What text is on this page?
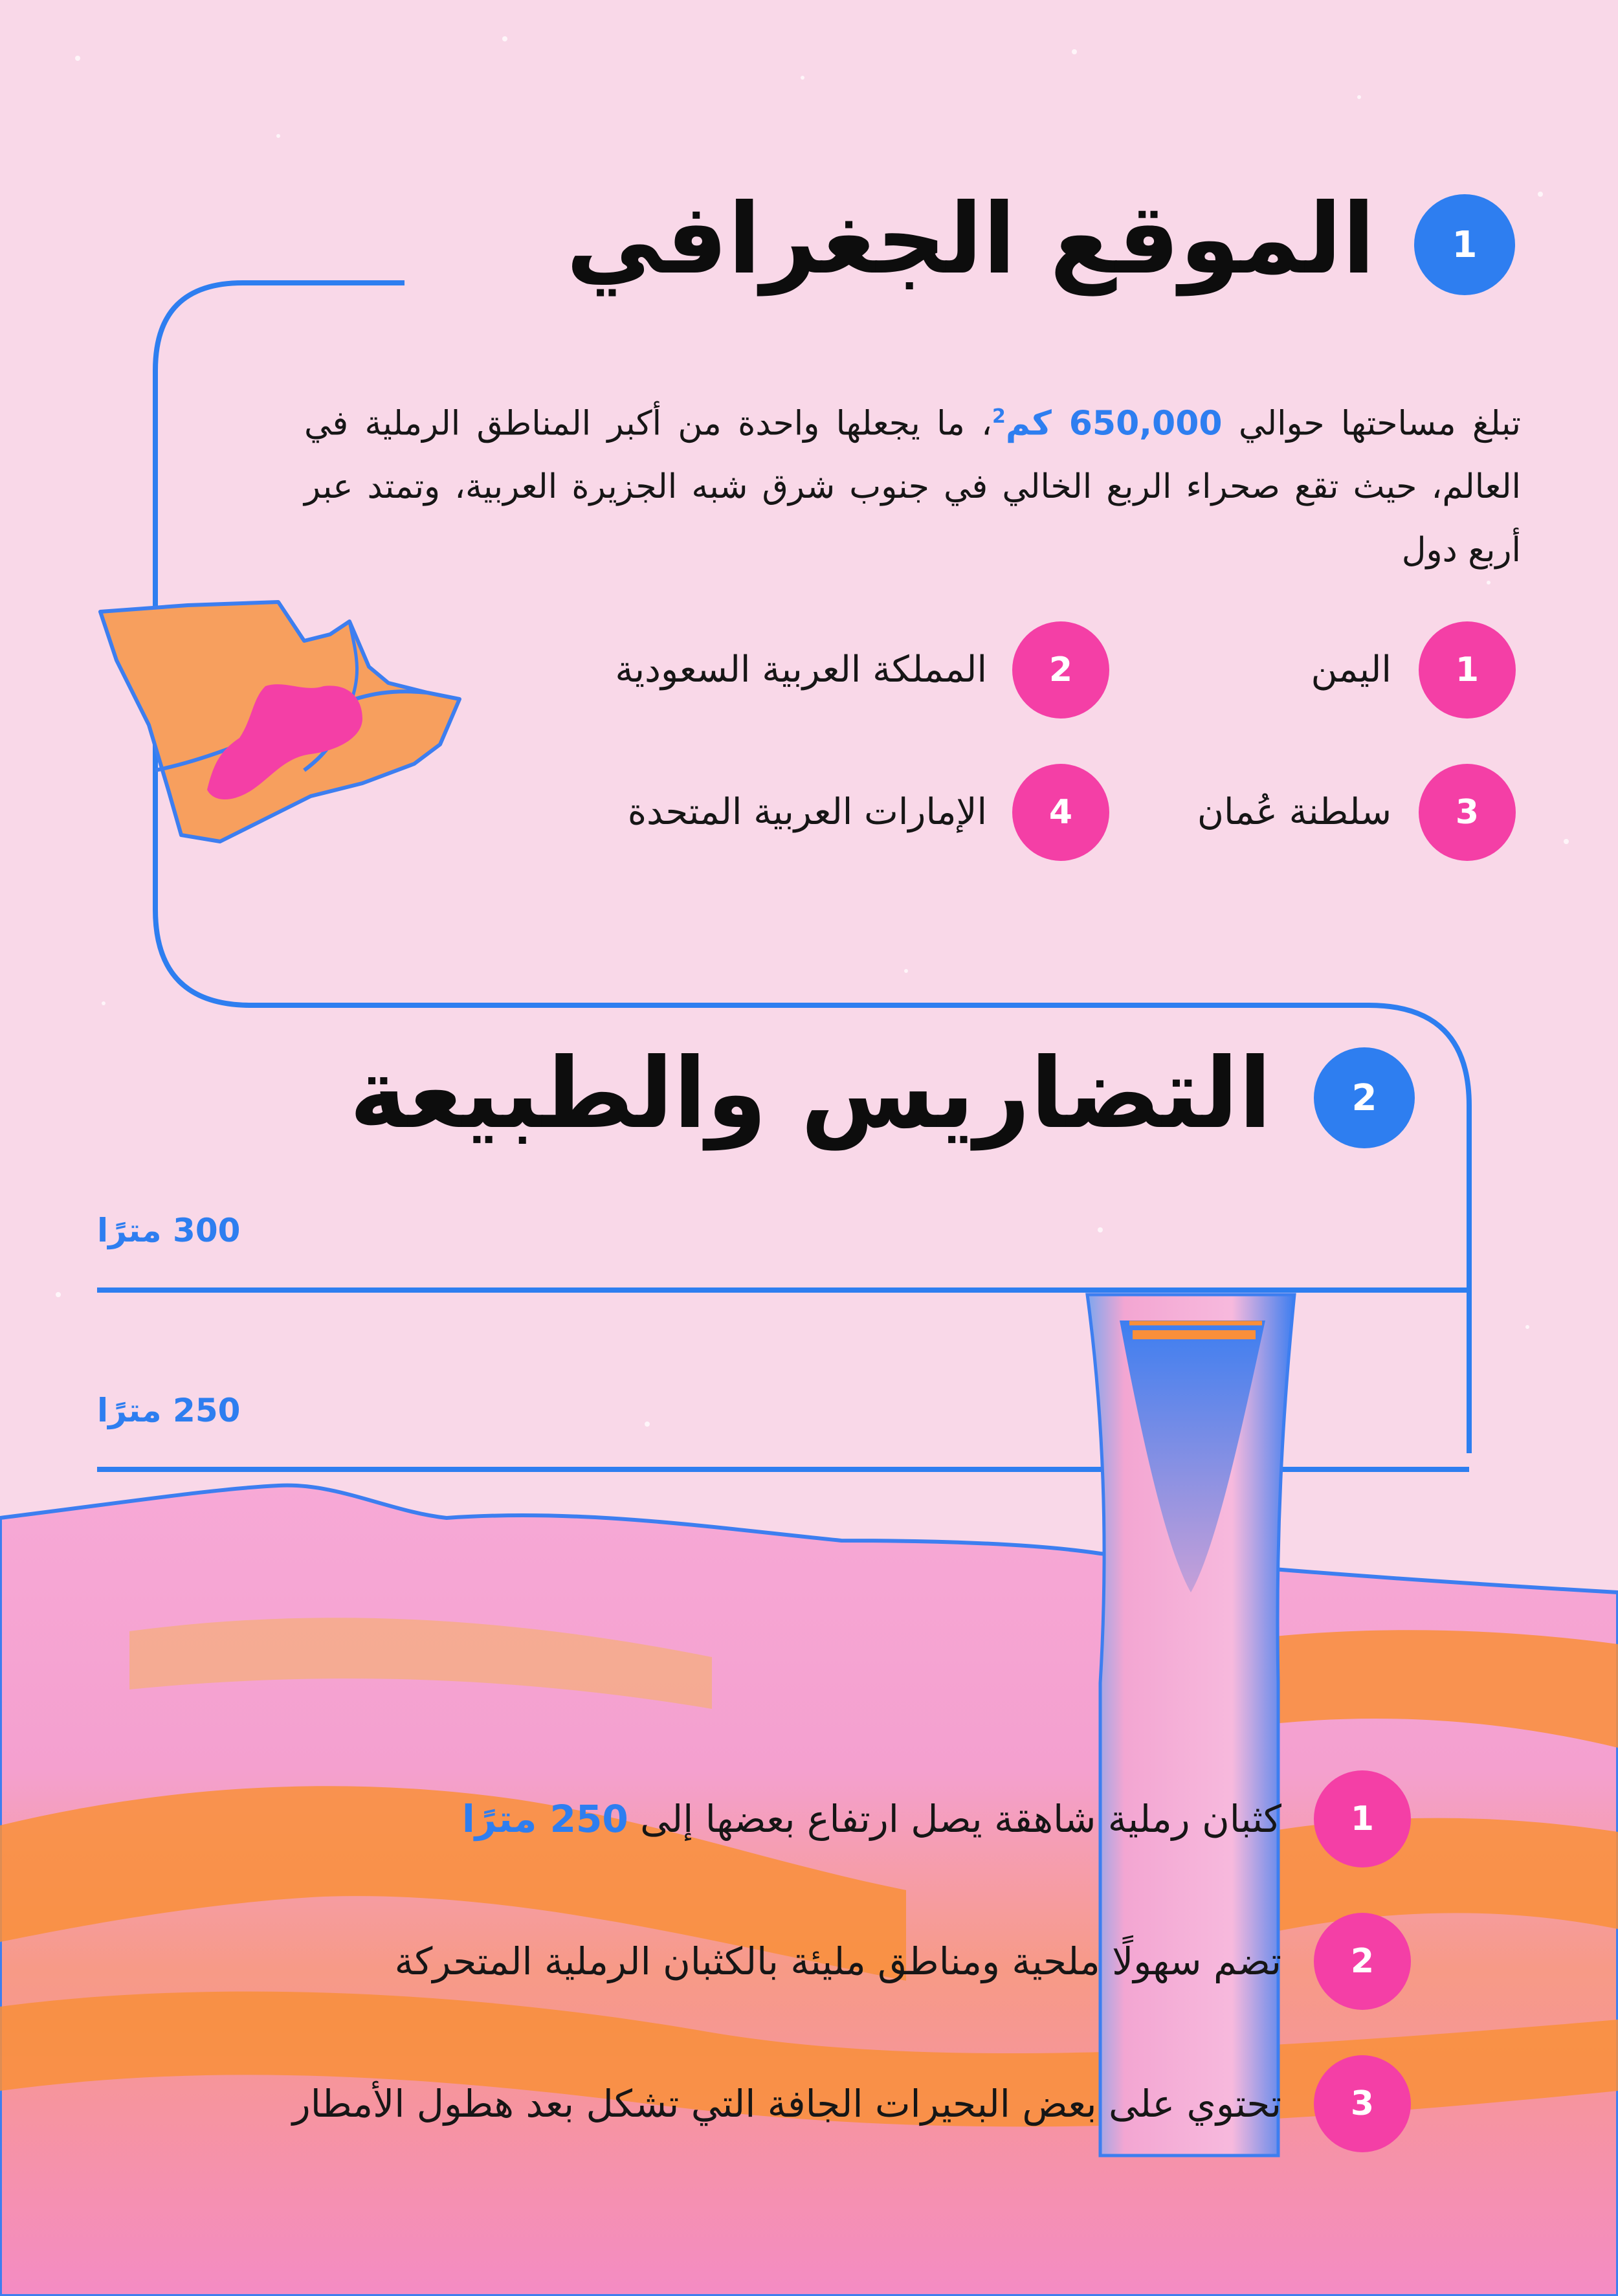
1
الموقع الجغرافي
تبلغ مساحتها حوالي 650,000 كم$^2$، ما يجعلها واحدة من أكبر المناطق الرملية في العالم، حيث تقع صحراء الربع الخالي في جنوب شرق شبه الجزيرة العربية، وتمتد عبر أربع دول
1
اليمن
2
المملكة العربية السعودية
3
سلطنة عُمان
4
الإمارات العربية المتحدة
2
التضاريس والطبيعة
300 مترًا
250 مترًا
1
كثبان رملية شاهقة يصل ارتفاع بعضها إلى 250 مترًا
2
تضم سهولًا ملحية ومناطق مليئة بالكثبان الرملية المتحركة
3
تحتوي على بعض البحيرات الجافة التي تشكل بعد هطول الأمطار
